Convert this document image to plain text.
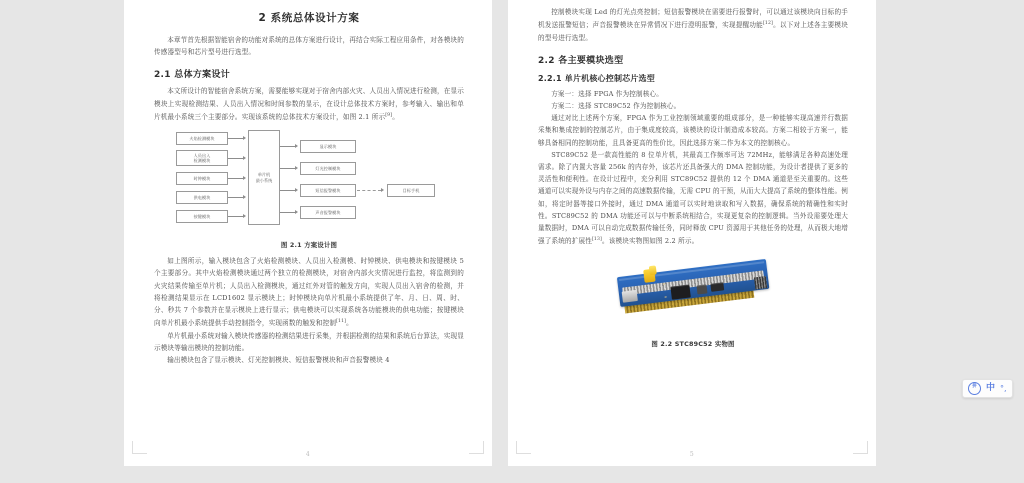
2 系统总体设计方案

本章节首先根据智能宿舍的功能对系统的总体方案进行设计，再结合实际工程应用条件，对各模块的传感器型号和芯片型号进行选型。

2.1 总体方案设计

本文所设计的智能宿舍系统方案，需要能够实现对于宿舍内部火灾、人员出入情况进行检测，在显示模块上实现检测结果、人员出入情况和时间参数的显示，在设计总体技术方案时，参考输入、输出和单片机最小系统三个主要部分。实现该系统的总体技术方案设计，如图 2.1 所示[9]。

火焰检测模块
人员出入
检测模块
时钟模块
供电模块
按键模块
单片机
最小系统
显示模块
灯光控制模块
短信报警模块
声音报警模块
目标手机
图 2.1 方案设计图

如上图所示，输入模块包含了火焰检测模块、人员出入检测模、时钟模块、供电模块和按键模块 5 个主要部分。其中火焰检测模块通过两个独立的检测模块，对宿舍内部火灾情况进行监控，将监测到的火灾结果传输至单片机；人员出入检测模块，通过红外对管的触发方向，实现人员出入宿舍的检测，并将检测结果显示在 LCD1602 显示模块上；时钟模块向单片机最小系统提供了年、月、日、周、时、分、秒共 7 个参数并在显示模块上进行显示；供电模块可以实现系统各功能模块的供电功能；按键模块向单片机最小系统提供手动控制指令，实现函数的触发和控制[11]。

单片机最小系统对输入模块传感器的检测结果进行采集，并根据检测的结果和系统后台算法，实现显示模块等输出模块的控制功能。

输出模块包含了显示模块、灯光控制模块、短信报警模块和声音报警模块 4

4

控制模块实现 Led 的灯光点亮控制；短信报警模块在需要进行报警时，可以通过该模块向目标的手机发送报警短信；声音报警模块在异常情况下进行澄明报警，实现提醒功能[12]。以下对上述各主要模块的型号进行选型。

2.2 各主要模块选型
2.2.1 单片机核心控制芯片选型

方案一：选择 FPGA 作为控制核心。

方案二：选择 STC89C52 作为控制核心。

通过对比上述两个方案，FPGA 作为工业控制领域重要的组成部分，是一种能够实现高速并行数据采集和集成控制的控制芯片，由于集成度较高，该模块的设计制造成本较高。方案二相较于方案一，能够具备相同的控制功能，且具备更高的性价比，因此选择方案二作为本文的控制核心。

STC89C52 是一款高性能的 8 位单片机，其最高工作频率可达 72MHz，能够满足各种高速处理需求。除了内置大容量 256k 的内存外，该芯片还具备强大的 DMA 控制功能，为设计者提供了更多的灵活性和便利性。在设计过程中，充分利用 STC89C52 提供的 12 个 DMA 通道是至关重要的。这些通道可以实现外设与内存之间的高速数据传输，无需 CPU 的干预，从而大大提高了系统的整体性能。例如，将定时器等接口外接时，通过 DMA 通道可以实时地读取和写入数据，确保系统的精确性和实时性。STC89C52 的 DMA 功能还可以与中断系统相结合，实现更复杂的控制逻辑。当外设需要处理大量数据时，DMA 可以自动完成数据传输任务，同时释放 CPU 资源用于其他任务的处理，从而极大地增强了系统的扩展性[13]。该模块实物图如图 2.2 所示。

图 2.2 STC89C52 实物图
5
拼	中 °,
